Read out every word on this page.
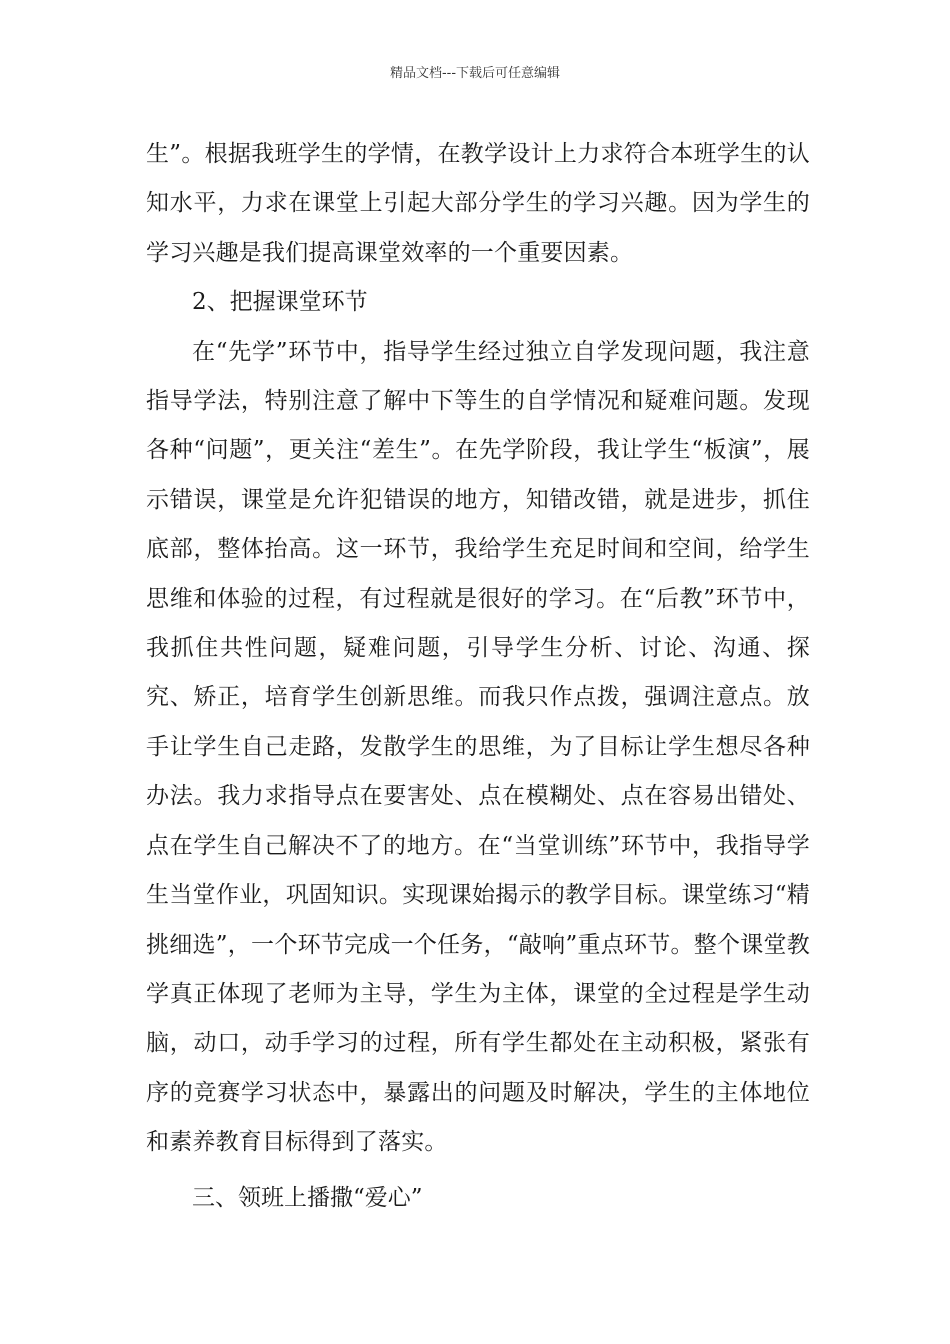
精品文档---下载后可任意编辑

生”。根据我班学生的学情，在教学设计上力求符合本班学生的认知水平，力求在课堂上引起大部分学生的学习兴趣。因为学生的学习兴趣是我们提高课堂效率的一个重要因素。

2、把握课堂环节

在“先学”环节中，指导学生经过独立自学发现问题，我注意指导学法，特别注意了解中下等生的自学情况和疑难问题。发现各种“问题”，更关注“差生”。在先学阶段，我让学生“板演”，展示错误，课堂是允许犯错误的地方，知错改错，就是进步，抓住底部，整体抬高。这一环节，我给学生充足时间和空间，给学生思维和体验的过程，有过程就是很好的学习。在“后教”环节中，我抓住共性问题，疑难问题，引导学生分析、讨论、沟通、探究、矫正，培育学生创新思维。而我只作点拨，强调注意点。放手让学生自己走路，发散学生的思维，为了目标让学生想尽各种办法。我力求指导点在要害处、点在模糊处、点在容易出错处、点在学生自己解决不了的地方。在“当堂训练”环节中，我指导学生当堂作业，巩固知识。实现课始揭示的教学目标。课堂练习“精挑细选”，一个环节完成一个任务，“敲响”重点环节。整个课堂教学真正体现了老师为主导，学生为主体，课堂的全过程是学生动脑，动口，动手学习的过程，所有学生都处在主动积极，紧张有序的竞赛学习状态中，暴露出的问题及时解决，学生的主体地位和素养教育目标得到了落实。

三、领班上播撒“爱心”
